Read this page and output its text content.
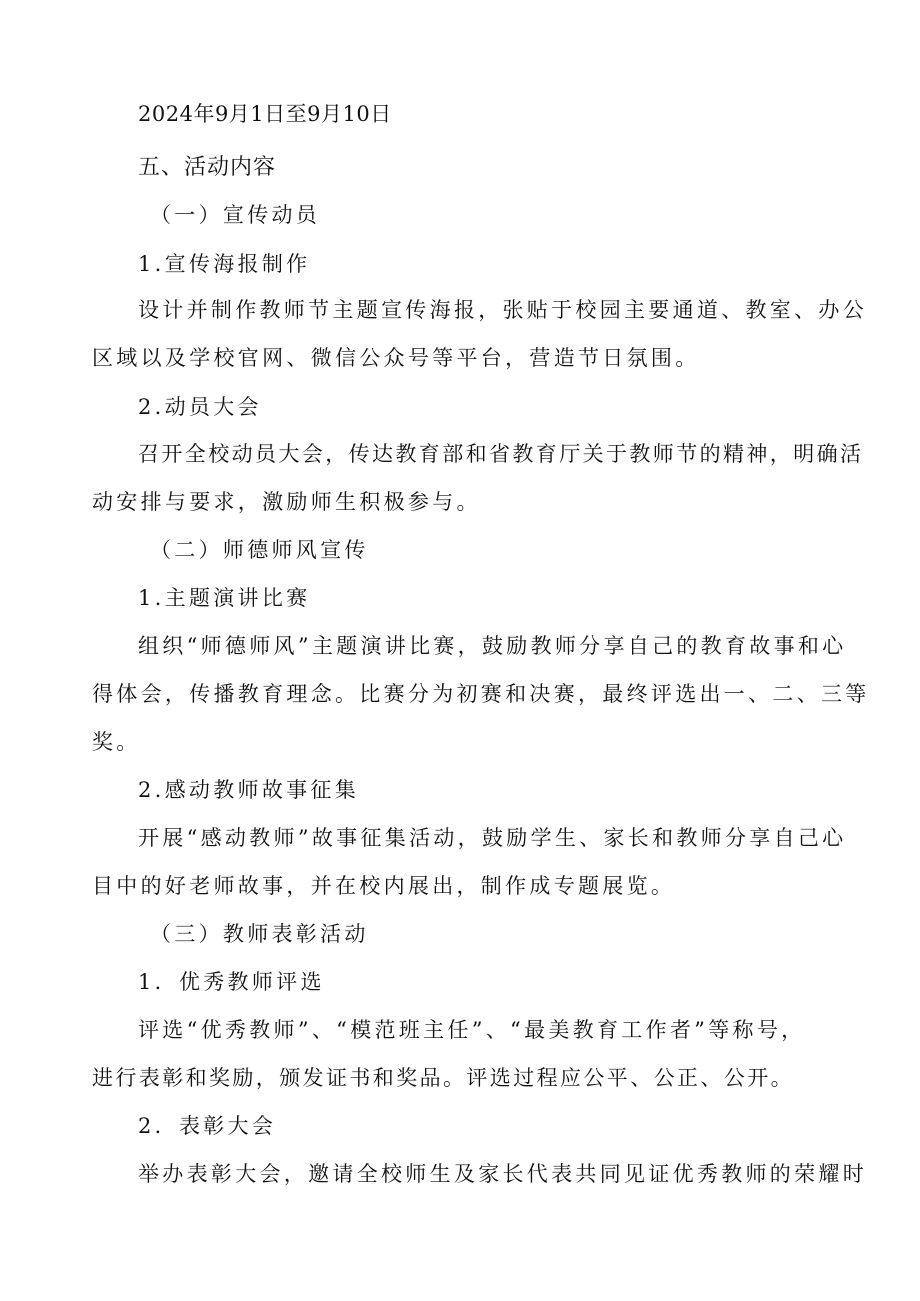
2024年9月1日至9月10日
五、活动内容
（一）宣传动员
1.宣传海报制作
设计并制作教师节主题宣传海报，张贴于校园主要通道、教室、办公
区域以及学校官网、微信公众号等平台，营造节日氛围。
2.动员大会
召开全校动员大会，传达教育部和省教育厅关于教师节的精神，明确活
动安排与要求，激励师生积极参与。
（二）师德师风宣传
1.主题演讲比赛
组织“师德师风”主题演讲比赛，鼓励教师分享自己的教育故事和心
得体会，传播教育理念。比赛分为初赛和决赛，最终评选出一、二、三等
奖。
2.感动教师故事征集
开展“感动教师”故事征集活动，鼓励学生、家长和教师分享自己心
目中的好老师故事，并在校内展出，制作成专题展览。
（三）教师表彰活动
1．优秀教师评选
评选“优秀教师”、“模范班主任”、“最美教育工作者”等称号，
进行表彰和奖励，颁发证书和奖品。评选过程应公平、公正、公开。
2．表彰大会
举办表彰大会，邀请全校师生及家长代表共同见证优秀教师的荣耀时
